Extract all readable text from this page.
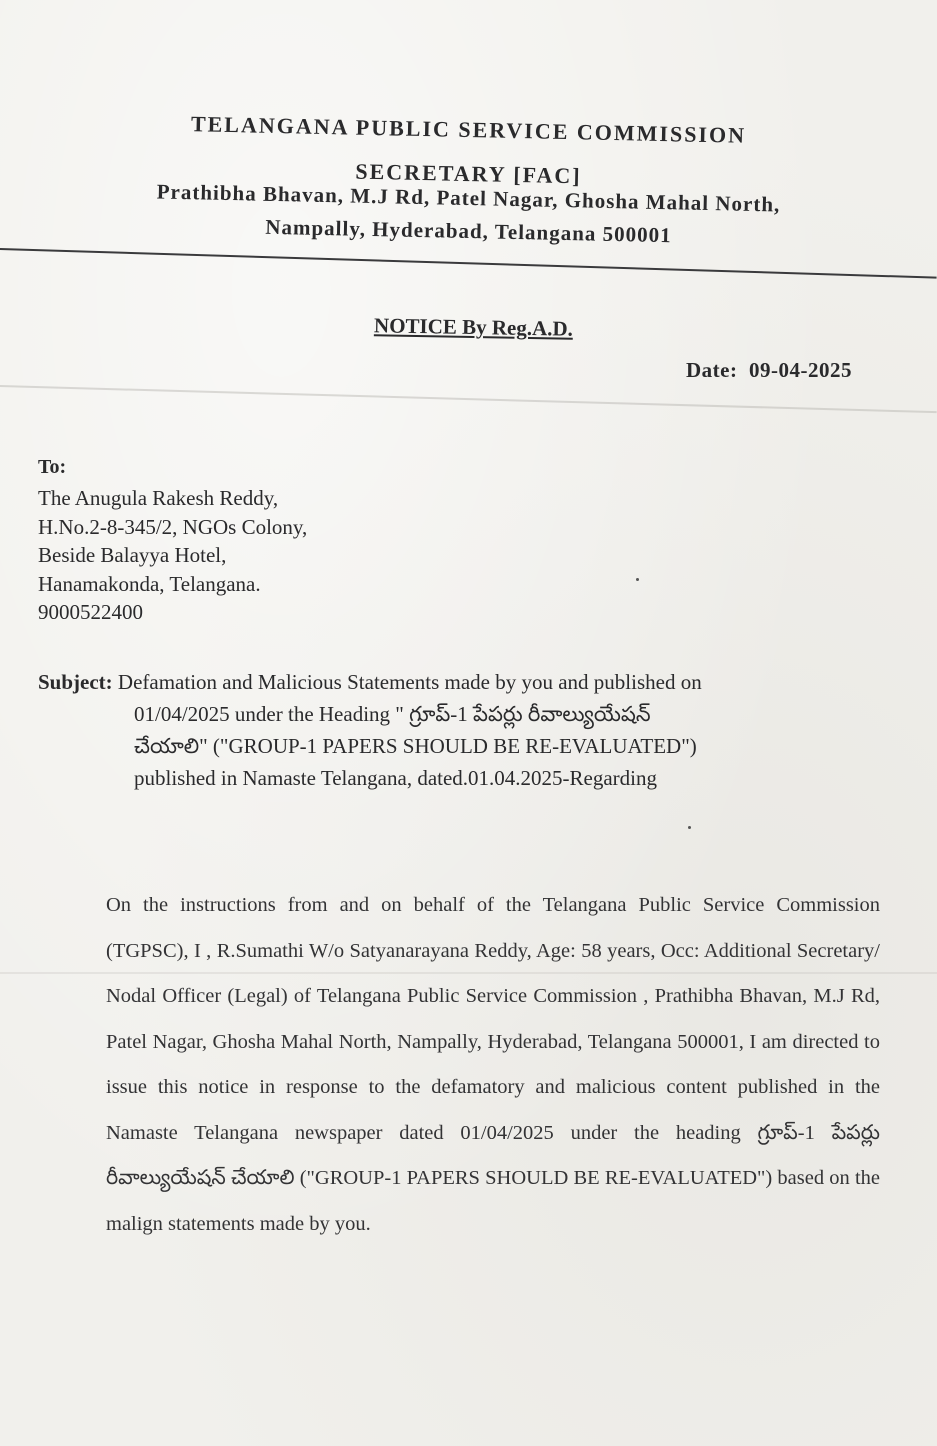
TELANGANA PUBLIC SERVICE COMMISSION
SECRETARY [FAC]
Prathibha Bhavan, M.J Rd, Patel Nagar, Ghosha Mahal North,
Nampally, Hyderabad, Telangana 500001
NOTICE By Reg.A.D.
Date: 09-04-2025
To:
The Anugula Rakesh Reddy,
H.No.2-8-345/2, NGOs Colony,
Beside Balayya Hotel,
Hanamakonda, Telangana.
9000522400
Subject: Defamation and Malicious Statements made by you and published on
01/04/2025 under the Heading " గ్రూప్-1 పేపర్లు రీవాల్యుయేషన్
చేయాలి" ("GROUP-1 PAPERS SHOULD BE RE-EVALUATED")
published in Namaste Telangana, dated.01.04.2025-Regarding
On the instructions from and on behalf of the Telangana Public Service Commission (TGPSC), I , R.Sumathi W/o Satyanarayana Reddy, Age: 58 years, Occ: Additional Secretary/ Nodal Officer (Legal) of Telangana Public Service Commission , Prathibha Bhavan, M.J Rd, Patel Nagar, Ghosha Mahal North, Nampally, Hyderabad, Telangana 500001, I am directed to issue this notice in response to the defamatory and malicious content published in the Namaste Telangana newspaper dated 01/04/2025 under the heading గ్రూప్-1 పేపర్లు రీవాల్యుయేషన్ చేయాలి ("GROUP-1 PAPERS SHOULD BE RE-EVALUATED") based on the malign statements made by you.
